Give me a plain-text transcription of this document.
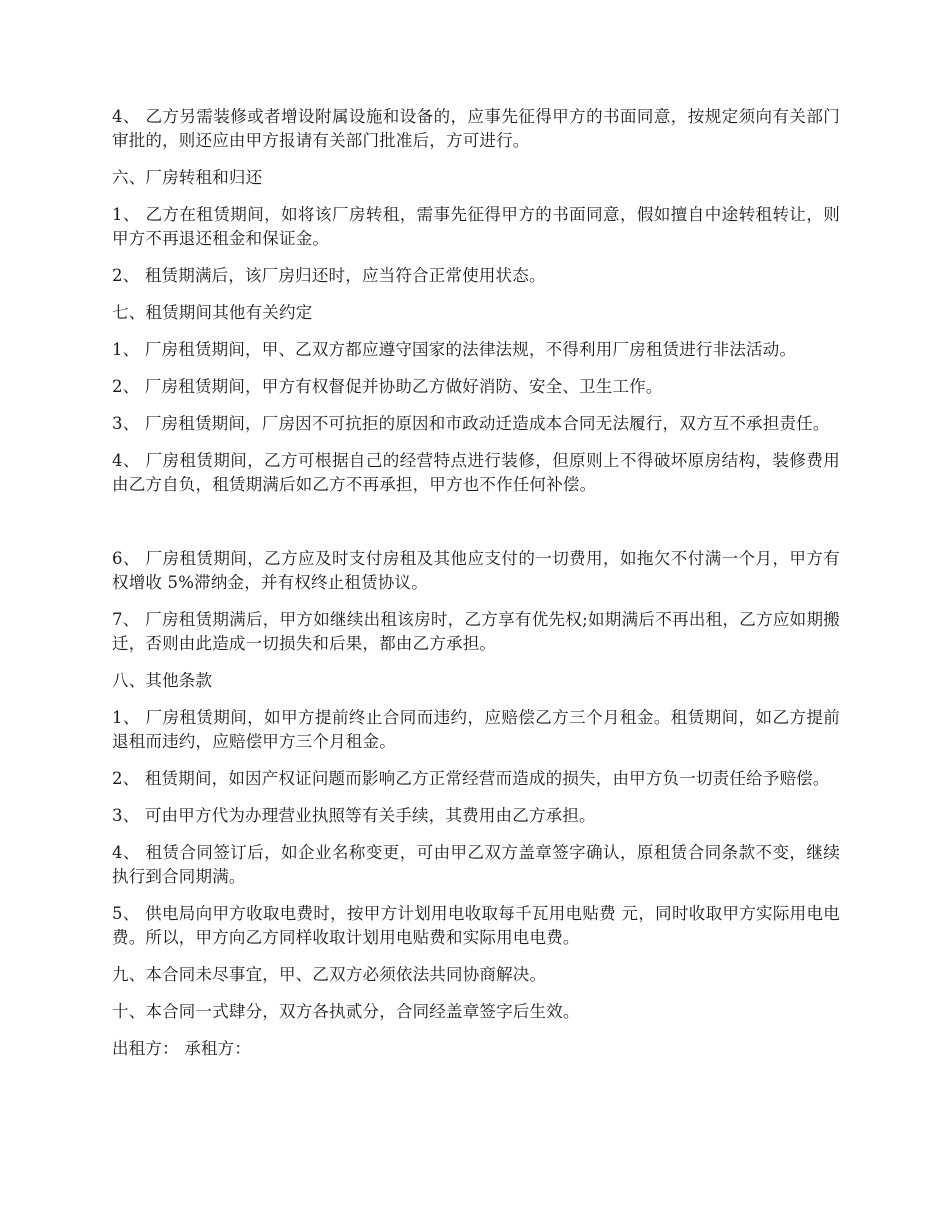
4、 乙方另需装修或者增设附属设施和设备的，应事先征得甲方的书面同意，按规定须向有关部门审批的，则还应由甲方报请有关部门批准后，方可进行。

六、厂房转租和归还

1、 乙方在租赁期间，如将该厂房转租，需事先征得甲方的书面同意，假如擅自中途转租转让，则甲方不再退还租金和保证金。

2、 租赁期满后，该厂房归还时，应当符合正常使用状态。

七、租赁期间其他有关约定

1、 厂房租赁期间，甲、乙双方都应遵守国家的法律法规，不得利用厂房租赁进行非法活动。

2、 厂房租赁期间，甲方有权督促并协助乙方做好消防、安全、卫生工作。

3、 厂房租赁期间，厂房因不可抗拒的原因和市政动迁造成本合同无法履行，双方互不承担责任。

4、 厂房租赁期间，乙方可根据自己的经营特点进行装修，但原则上不得破坏原房结构，装修费用由乙方自负，租赁期满后如乙方不再承担，甲方也不作任何补偿。

6、 厂房租赁期间，乙方应及时支付房租及其他应支付的一切费用，如拖欠不付满一个月，甲方有权增收 5%滞纳金，并有权终止租赁协议。

7、 厂房租赁期满后，甲方如继续出租该房时，乙方享有优先权;如期满后不再出租，乙方应如期搬迁，否则由此造成一切损失和后果，都由乙方承担。

八、其他条款

1、 厂房租赁期间，如甲方提前终止合同而违约，应赔偿乙方三个月租金。租赁期间，如乙方提前退租而违约，应赔偿甲方三个月租金。

2、 租赁期间，如因产权证问题而影响乙方正常经营而造成的损失，由甲方负一切责任给予赔偿。

3、 可由甲方代为办理营业执照等有关手续，其费用由乙方承担。

4、 租赁合同签订后，如企业名称变更，可由甲乙双方盖章签字确认，原租赁合同条款不变，继续执行到合同期满。

5、 供电局向甲方收取电费时，按甲方计划用电收取每千瓦用电贴费 元，同时收取甲方实际用电电费。所以，甲方向乙方同样收取计划用电贴费和实际用电电费。

九、本合同未尽事宜，甲、乙双方必须依法共同协商解决。

十、本合同一式肆分，双方各执贰分，合同经盖章签字后生效。

出租方： 承租方：
